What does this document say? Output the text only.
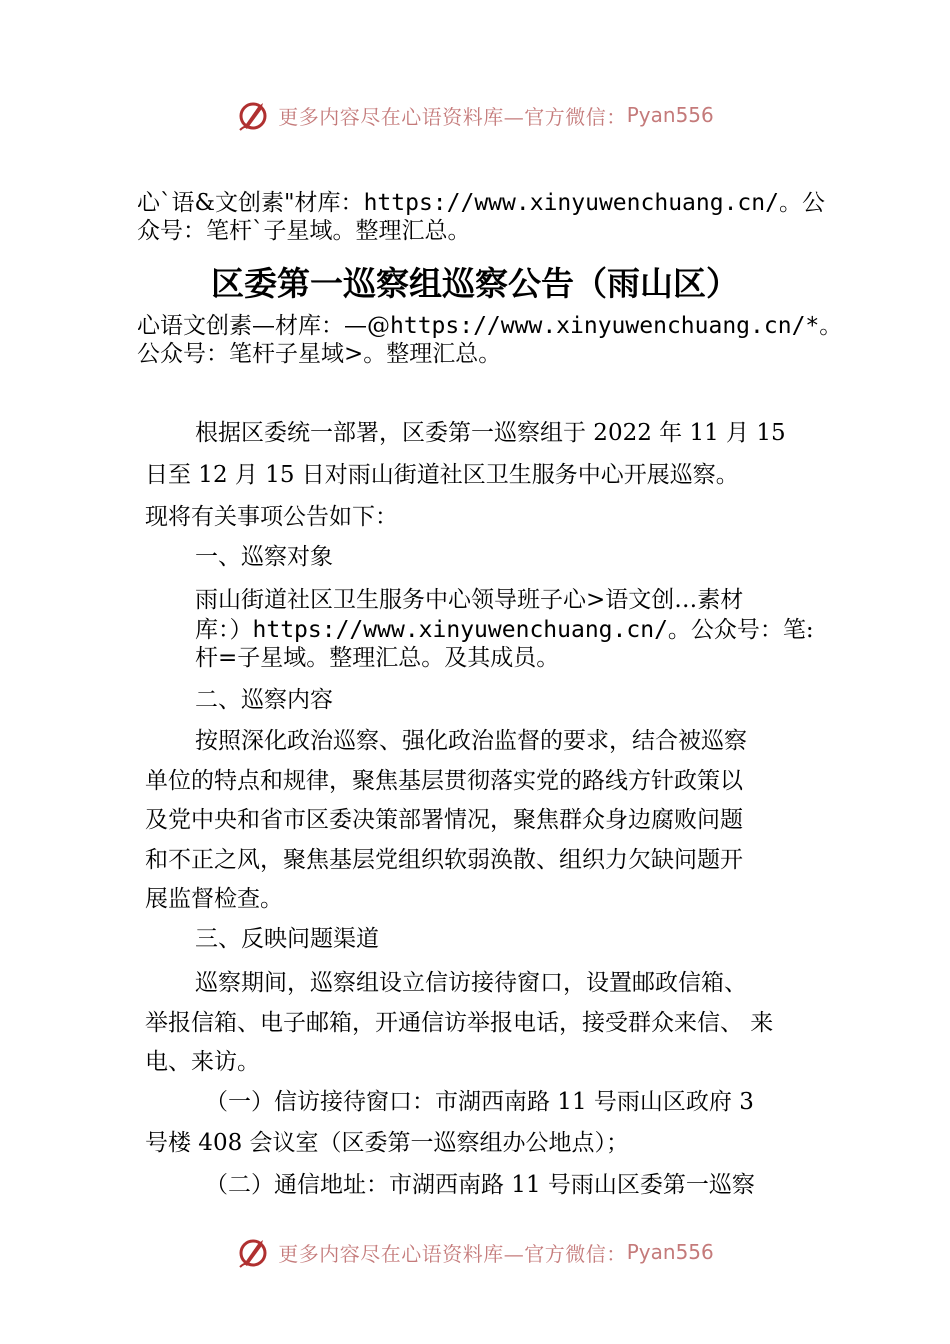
更多内容尽在心语资料库—官方微信： Pyan556
心`语&文创素"材库：https://www.xinyuwenchuang.cn/。公
众号：笔杆`子星域。整理汇总。
区委第一巡察组巡察公告（雨山区）
心语文创素—材库：—@https://www.xinyuwenchuang.cn/*。
公众号：笔杆子星域>。整理汇总。
根据区委统一部署，区委第一巡察组于 2022 年 11 月 15
日至 12 月 15 日对雨山街道社区卫生服务中心开展巡察。
现将有关事项公告如下：
一、巡察对象
雨山街道社区卫生服务中心领导班子心>语文创…素材
库：）https://www.xinyuwenchuang.cn/。公众号：笔:
杆=子星域。整理汇总。及其成员。
二、巡察内容
按照深化政治巡察、强化政治监督的要求，结合被巡察
单位的特点和规律，聚焦基层贯彻落实党的路线方针政策以
及党中央和省市区委决策部署情况，聚焦群众身边腐败问题
和不正之风，聚焦基层党组织软弱涣散、组织力欠缺问题开
展监督检查。
三、反映问题渠道
巡察期间，巡察组设立信访接待窗口，设置邮政信箱、
举报信箱、电子邮箱，开通信访举报电话，接受群众来信、 来
电、来访。
（一）信访接待窗口：市湖西南路 11 号雨山区政府 3
号楼 408 会议室（区委第一巡察组办公地点）；
（二）通信地址：市湖西南路 11 号雨山区委第一巡察
更多内容尽在心语资料库—官方微信： Pyan556
